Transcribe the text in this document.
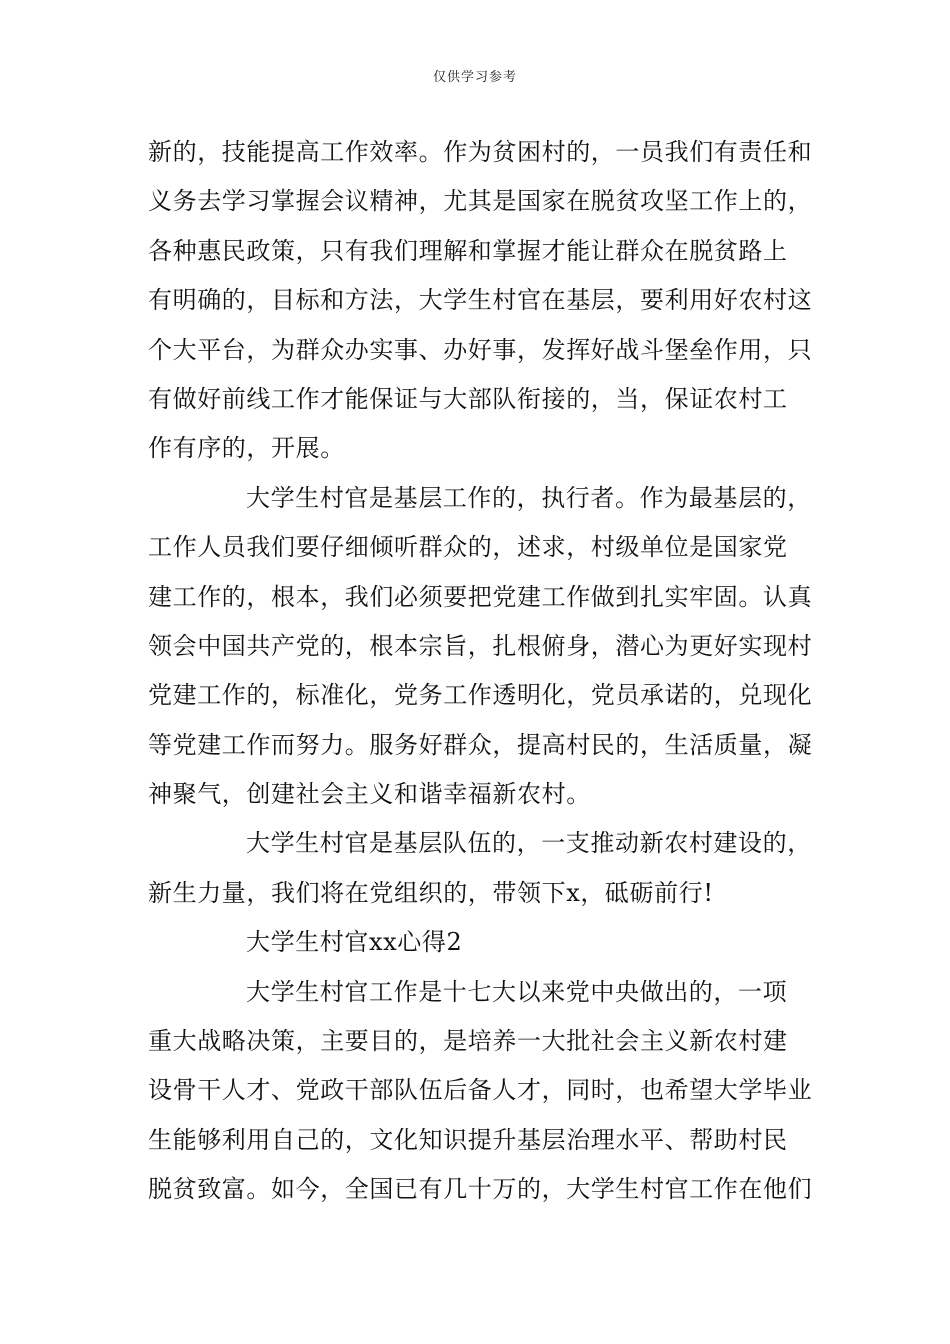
仅供学习参考
新的，技能提高工作效率。作为贫困村的，一员我们有责任和
义务去学习掌握会议精神，尤其是国家在脱贫攻坚工作上的，
各种惠民政策，只有我们理解和掌握才能让群众在脱贫路上
有明确的，目标和方法，大学生村官在基层，要利用好农村这
个大平台，为群众办实事、办好事，发挥好战斗堡垒作用，只
有做好前线工作才能保证与大部队衔接的，当，保证农村工
作有序的，开展。
大学生村官是基层工作的，执行者。作为最基层的，
工作人员我们要仔细倾听群众的，述求，村级单位是国家党
建工作的，根本，我们必须要把党建工作做到扎实牢固。认真
领会中国共产党的，根本宗旨，扎根俯身，潜心为更好实现村
党建工作的，标准化，党务工作透明化，党员承诺的，兑现化
等党建工作而努力。服务好群众，提高村民的，生活质量，凝
神聚气，创建社会主义和谐幸福新农村。
大学生村官是基层队伍的，一支推动新农村建设的，
新生力量，我们将在党组织的，带领下x，砥砺前行!
大学生村官xx心得2
大学生村官工作是十七大以来党中央做出的，一项
重大战略决策，主要目的，是培养一大批社会主义新农村建
设骨干人才、党政干部队伍后备人才，同时，也希望大学毕业
生能够利用自己的，文化知识提升基层治理水平、帮助村民
脱贫致富。如今，全国已有几十万的，大学生村官工作在他们
